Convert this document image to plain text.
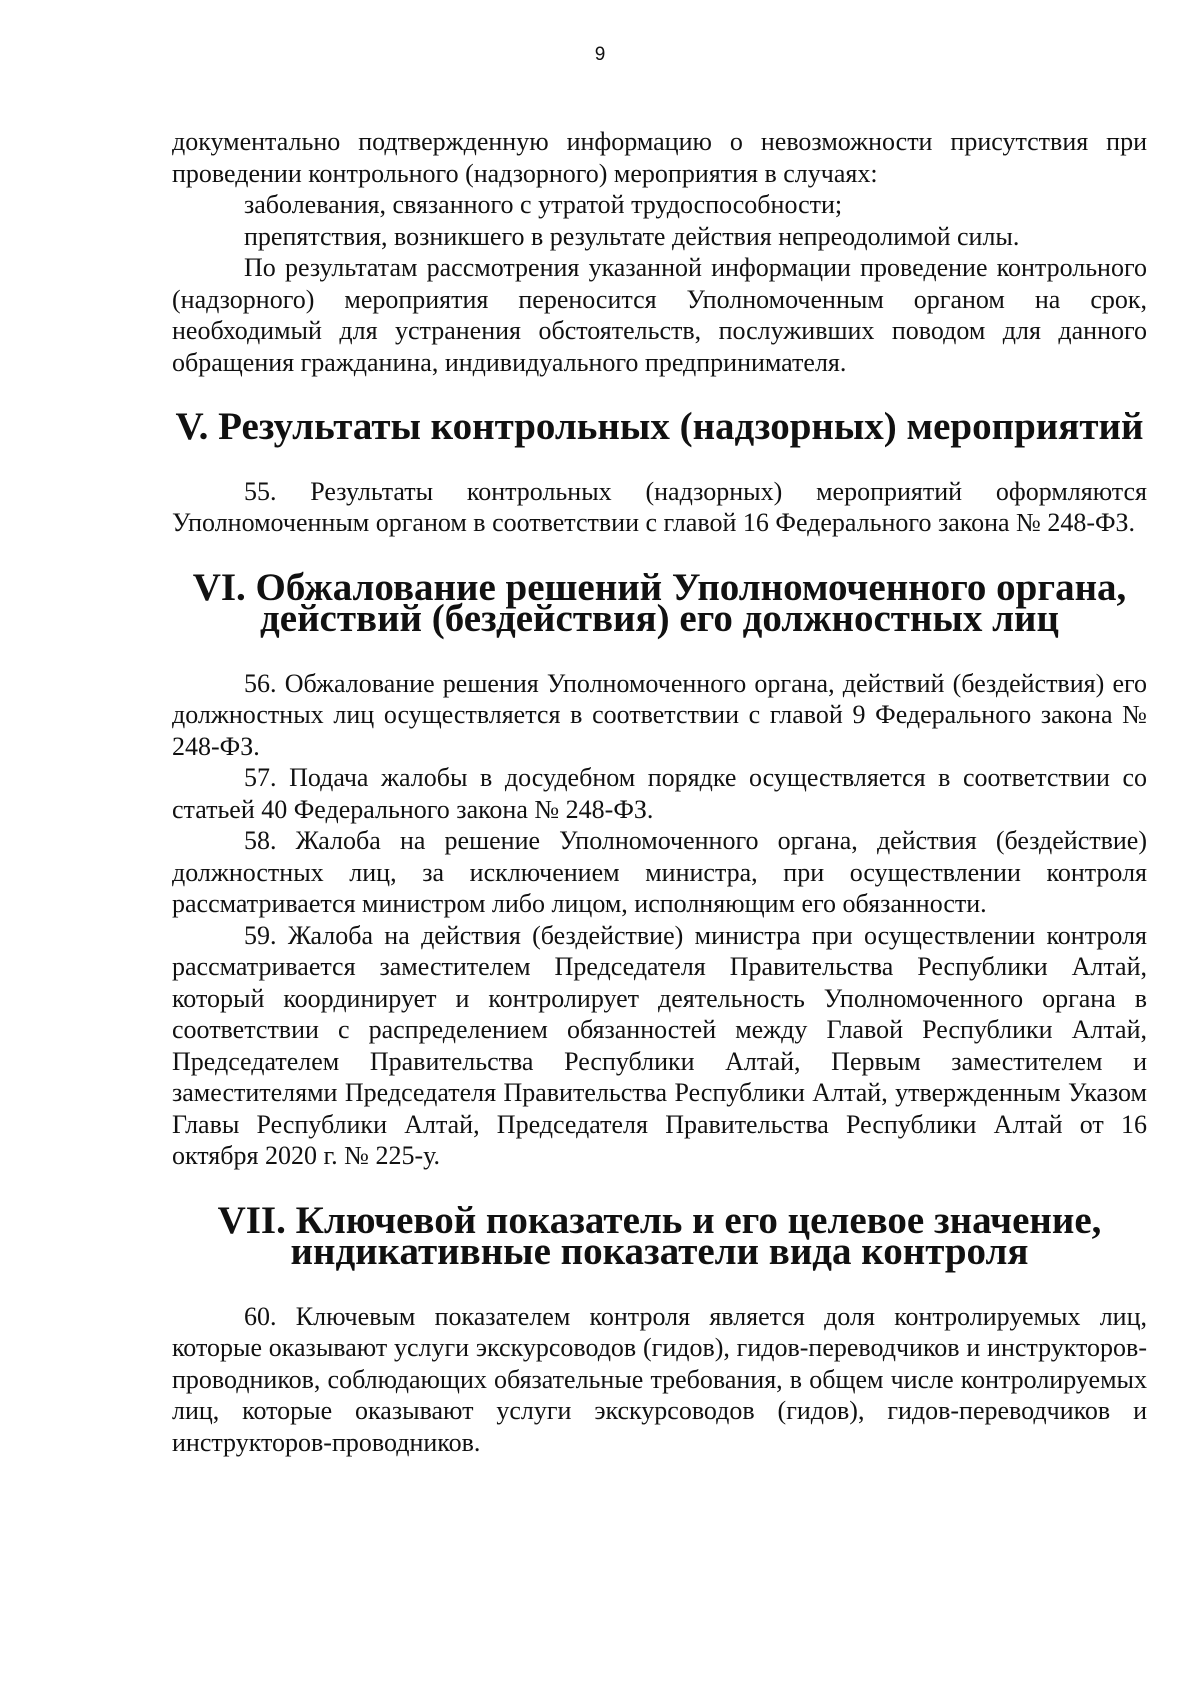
9

документально подтвержденную информацию о невозможности присутствия при проведении контрольного (надзорного) мероприятия в случаях:

заболевания, связанного с утратой трудоспособности;

препятствия, возникшего в результате действия непреодолимой силы.

По результатам рассмотрения указанной информации проведение контрольного (надзорного) мероприятия переносится Уполномоченным органом на срок, необходимый для устранения обстоятельств, послуживших поводом для данного обращения гражданина, индивидуального предпринимателя.

V. Результаты контрольных (надзорных) мероприятий

55. Результаты контрольных (надзорных) мероприятий оформляются Уполномоченным органом в соответствии с главой 16 Федерального закона № 248-ФЗ.

VI. Обжалование решений Уполномоченного органа, действий (бездействия) его должностных лиц

56. Обжалование решения Уполномоченного органа, действий (бездействия) его должностных лиц осуществляется в соответствии с главой 9 Федерального закона № 248-ФЗ.

57. Подача жалобы в досудебном порядке осуществляется в соответствии со статьей 40 Федерального закона № 248-ФЗ.

58. Жалоба на решение Уполномоченного органа, действия (бездействие) должностных лиц, за исключением министра, при осуществлении контроля рассматривается министром либо лицом, исполняющим его обязанности.

59. Жалоба на действия (бездействие) министра при осуществлении контроля рассматривается заместителем Председателя Правительства Республики Алтай, который координирует и контролирует деятельность Уполномоченного органа в соответствии с распределением обязанностей между Главой Республики Алтай, Председателем Правительства Республики Алтай, Первым заместителем и заместителями Председателя Правительства Республики Алтай, утвержденным Указом Главы Республики Алтай, Председателя Правительства Республики Алтай от 16 октября 2020 г. № 225-у.

VII. Ключевой показатель и его целевое значение, индикативные показатели вида контроля

60. Ключевым показателем контроля является доля контролируемых лиц, которые оказывают услуги экскурсоводов (гидов), гидов-переводчиков и инструкторов-проводников, соблюдающих обязательные требования, в общем числе контролируемых лиц, которые оказывают услуги экскурсоводов (гидов), гидов-переводчиков и инструкторов-проводников.
